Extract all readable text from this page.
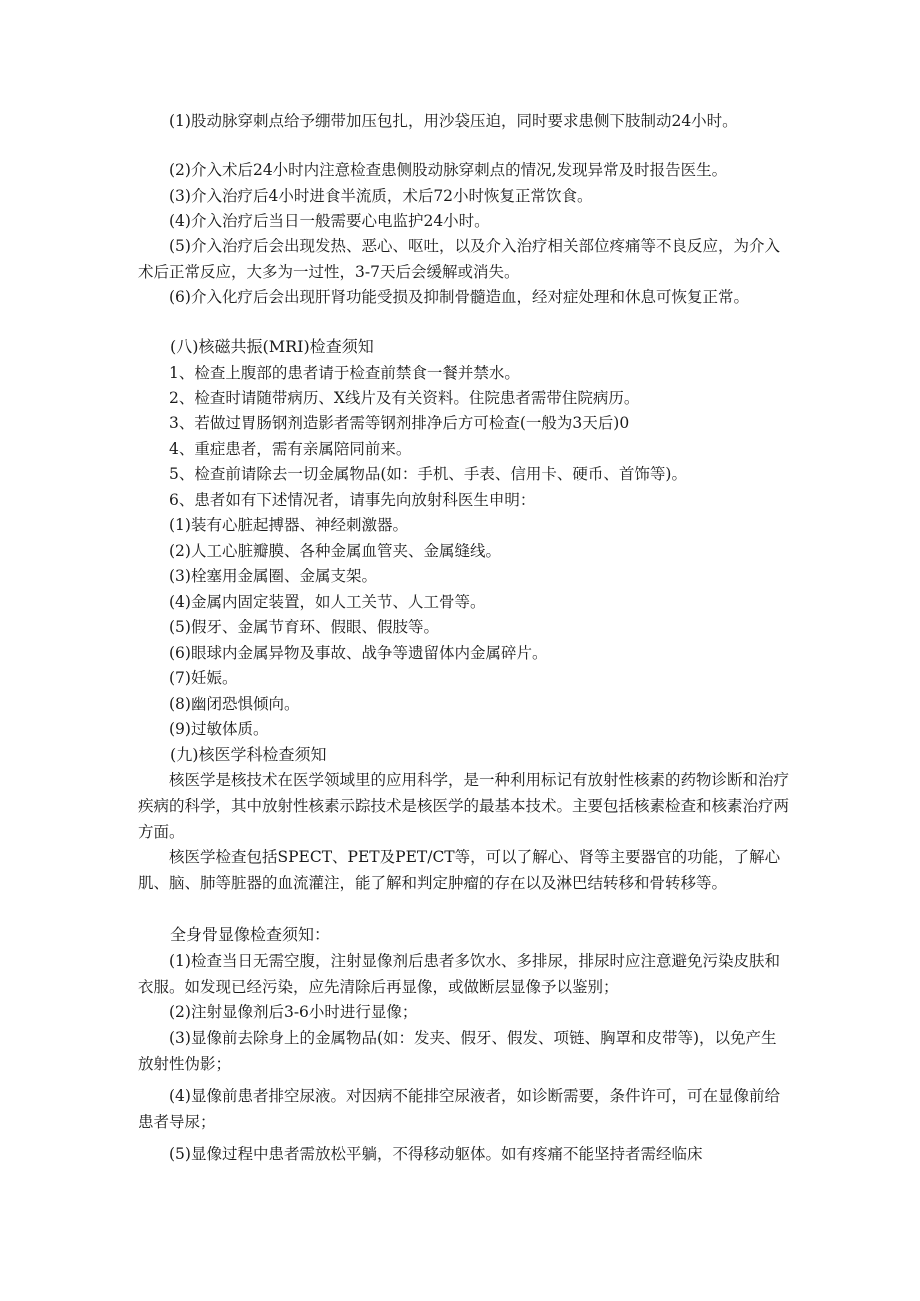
(1)股动脉穿刺点给予绷带加压包扎，用沙袋压迫，同时要求患侧下肢制动24小时。
(2)介入术后24小时内注意检查患侧股动脉穿刺点的情况,发现异常及时报告医生。
(3)介入治疗后4小时进食半流质，术后72小时恢复正常饮食。
(4)介入治疗后当日一般需要心电监护24小时。
(5)介入治疗后会出现发热、恶心、呕吐，以及介入治疗相关部位疼痛等不良反应，为介入术后正常反应，大多为一过性，3-7天后会缓解或消失。
(6)介入化疗后会出现肝肾功能受损及抑制骨髓造血，经对症处理和休息可恢复正常。
(八)核磁共振(MRI)检查须知
1、检查上腹部的患者请于检查前禁食一餐并禁水。
2、检查时请随带病历、X线片及有关资料。住院患者需带住院病历。
3、若做过胃肠钢剂造影者需等钢剂排净后方可检查(一般为3天后)0
4、重症患者，需有亲属陪同前来。
5、检查前请除去一切金属物品(如：手机、手表、信用卡、硬币、首饰等)。
6、患者如有下述情况者，请事先向放射科医生申明：
(1)装有心脏起搏器、神经刺激器。
(2)人工心脏瓣膜、各种金属血管夹、金属缝线。
(3)栓塞用金属圈、金属支架。
(4)金属内固定装置，如人工关节、人工骨等。
(5)假牙、金属节育环、假眼、假肢等。
(6)眼球内金属异物及事故、战争等遗留体内金属碎片。
(7)妊娠。
(8)幽闭恐惧倾向。
(9)过敏体质。
(九)核医学科检查须知
核医学是核技术在医学领域里的应用科学，是一种利用标记有放射性核素的药物诊断和治疗疾病的科学，其中放射性核素示踪技术是核医学的最基本技术。主要包括核素检查和核素治疗两方面。
核医学检查包括SPECT、PET及PET/CT等，可以了解心、肾等主要器官的功能，了解心肌、脑、肺等脏器的血流灌注，能了解和判定肿瘤的存在以及淋巴结转移和骨转移等。
全身骨显像检查须知：
(1)检查当日无需空腹，注射显像剂后患者多饮水、多排尿，排尿时应注意避免污染皮肤和衣服。如发现已经污染，应先清除后再显像，或做断层显像予以鉴别；
(2)注射显像剂后3-6小时进行显像；
(3)显像前去除身上的金属物品(如：发夹、假牙、假发、项链、胸罩和皮带等)，以免产生放射性伪影；
(4)显像前患者排空尿液。对因病不能排空尿液者，如诊断需要，条件许可，可在显像前给患者导尿；
(5)显像过程中患者需放松平躺，不得移动躯体。如有疼痛不能坚持者需经临床
